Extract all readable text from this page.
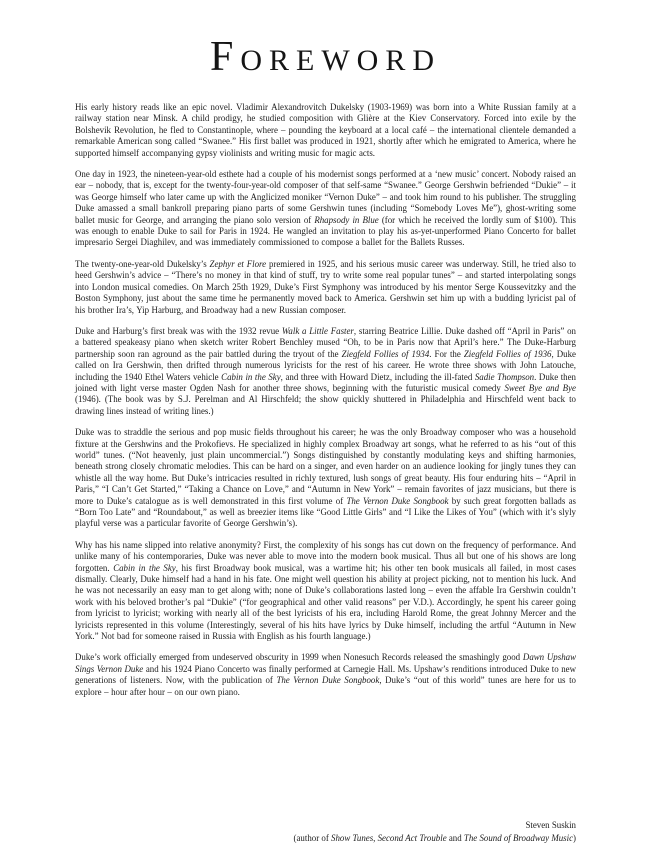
FOREWORD

His early history reads like an epic novel. Vladimir Alexandrovitch Dukelsky (1903-1969) was born into a White Russian family at a railway station near Minsk. A child prodigy, he studied composition with Glière at the Kiev Conservatory. Forced into exile by the Bolshevik Revolution, he fled to Constantinople, where – pounding the keyboard at a local café – the international clientele demanded a remarkable American song called “Swanee.” His first ballet was produced in 1921, shortly after which he emigrated to America, where he supported himself accompanying gypsy violinists and writing music for magic acts.

One day in 1923, the nineteen-year-old esthete had a couple of his modernist songs performed at a ‘new music’ concert. Nobody raised an ear – nobody, that is, except for the twenty-four-year-old composer of that self-same “Swanee.” George Gershwin befriended “Dukie” – it was George himself who later came up with the Anglicized moniker “Vernon Duke” – and took him round to his publisher. The struggling Duke amassed a small bankroll preparing piano parts of some Gershwin tunes (including “Somebody Loves Me”), ghost-writing some ballet music for George, and arranging the piano solo version of Rhapsody in Blue (for which he received the lordly sum of $100). This was enough to enable Duke to sail for Paris in 1924. He wangled an invitation to play his as-yet-unperformed Piano Concerto for ballet impresario Sergei Diaghilev, and was immediately commissioned to compose a ballet for the Ballets Russes.

The twenty-one-year-old Dukelsky’s Zephyr et Flore premiered in 1925, and his serious music career was underway. Still, he tried also to heed Gershwin’s advice – “There’s no money in that kind of stuff, try to write some real popular tunes” – and started interpolating songs into London musical comedies. On March 25th 1929, Duke’s First Symphony was introduced by his mentor Serge Koussevitzky and the Boston Symphony, just about the same time he permanently moved back to America. Gershwin set him up with a budding lyricist pal of his brother Ira’s, Yip Harburg, and Broadway had a new Russian composer.

Duke and Harburg’s first break was with the 1932 revue Walk a Little Faster, starring Beatrice Lillie. Duke dashed off “April in Paris” on a battered speakeasy piano when sketch writer Robert Benchley mused “Oh, to be in Paris now that April’s here.” The Duke-Harburg partnership soon ran aground as the pair battled during the tryout of the Ziegfeld Follies of 1934. For the Ziegfeld Follies of 1936, Duke called on Ira Gershwin, then drifted through numerous lyricists for the rest of his career. He wrote three shows with John Latouche, including the 1940 Ethel Waters vehicle Cabin in the Sky, and three with Howard Dietz, including the ill-fated Sadie Thompson. Duke then joined with light verse master Ogden Nash for another three shows, beginning with the futuristic musical comedy Sweet Bye and Bye (1946). (The book was by S.J. Perelman and Al Hirschfeld; the show quickly shuttered in Philadelphia and Hirschfeld went back to drawing lines instead of writing lines.)

Duke was to straddle the serious and pop music fields throughout his career; he was the only Broadway composer who was a household fixture at the Gershwins and the Prokofievs. He specialized in highly complex Broadway art songs, what he referred to as his “out of this world” tunes. (“Not heavenly, just plain uncommercial.”) Songs distinguished by constantly modulating keys and shifting harmonies, beneath strong closely chromatic melodies. This can be hard on a singer, and even harder on an audience looking for jingly tunes they can whistle all the way home. But Duke’s intricacies resulted in richly textured, lush songs of great beauty. His four enduring hits – “April in Paris,” “I Can’t Get Started,” “Taking a Chance on Love,” and “Autumn in New York” – remain favorites of jazz musicians, but there is more to Duke’s catalogue as is well demonstrated in this first volume of The Vernon Duke Songbook by such great forgotten ballads as “Born Too Late” and “Roundabout,” as well as breezier items like “Good Little Girls” and “I Like the Likes of You” (which with it’s slyly playful verse was a particular favorite of George Gershwin’s).

Why has his name slipped into relative anonymity? First, the complexity of his songs has cut down on the frequency of performance. And unlike many of his contemporaries, Duke was never able to move into the modern book musical. Thus all but one of his shows are long forgotten. Cabin in the Sky, his first Broadway book musical, was a wartime hit; his other ten book musicals all failed, in most cases dismally. Clearly, Duke himself had a hand in his fate. One might well question his ability at project picking, not to mention his luck. And he was not necessarily an easy man to get along with; none of Duke’s collaborations lasted long – even the affable Ira Gershwin couldn’t work with his beloved brother’s pal “Dukie” (“for geographical and other valid reasons” per V.D.). Accordingly, he spent his career going from lyricist to lyricist; working with nearly all of the best lyricists of his era, including Harold Rome, the great Johnny Mercer and the lyricists represented in this volume (Interestingly, several of his hits have lyrics by Duke himself, including the artful “Autumn in New York.” Not bad for someone raised in Russia with English as his fourth language.)

Duke’s work officially emerged from undeserved obscurity in 1999 when Nonesuch Records released the smashingly good Dawn Upshaw Sings Vernon Duke and his 1924 Piano Concerto was finally performed at Carnegie Hall. Ms. Upshaw’s renditions introduced Duke to new generations of listeners. Now, with the publication of The Vernon Duke Songbook, Duke’s “out of this world” tunes are here for us to explore – hour after hour – on our own piano.

Steven Suskin
(author of Show Tunes, Second Act Trouble and The Sound of Broadway Music)
